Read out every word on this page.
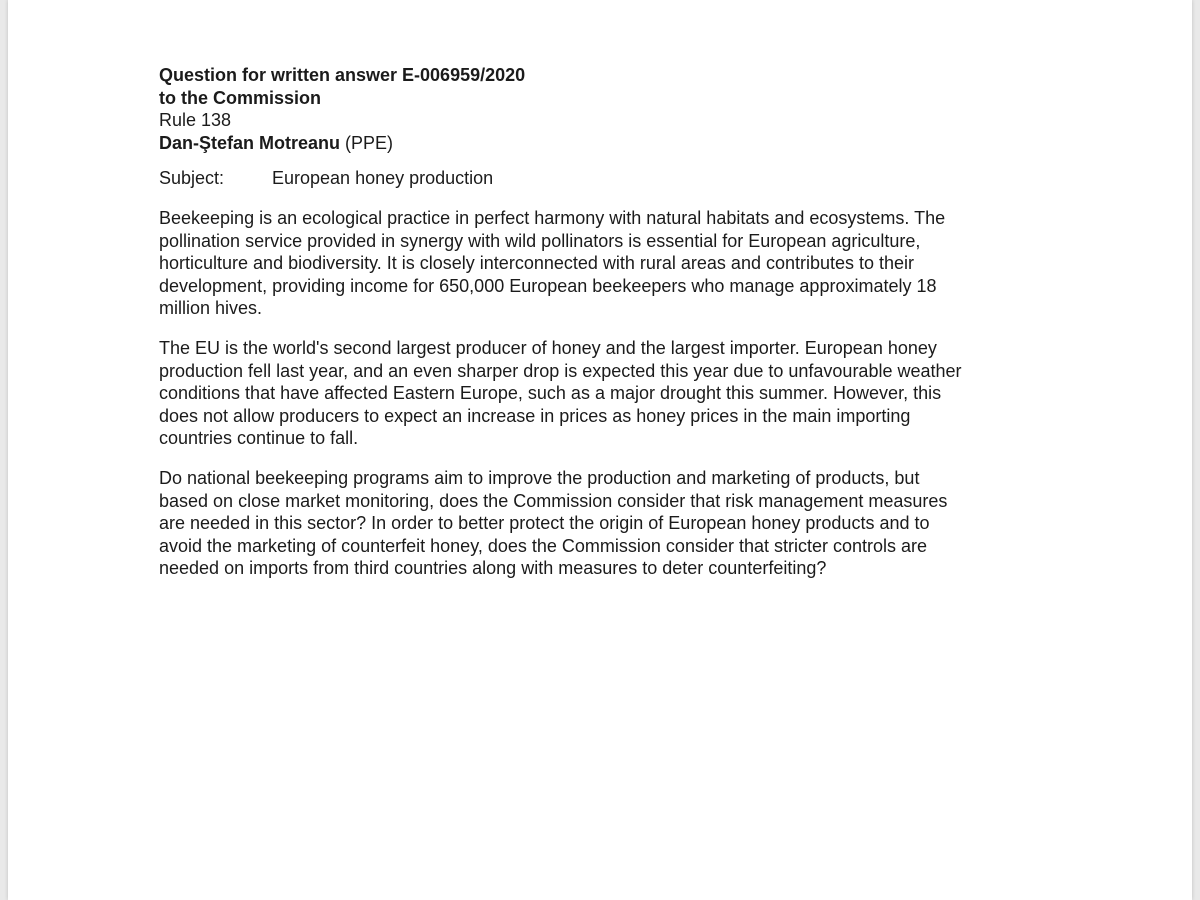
Question for written answer E-006959/2020
to the Commission
Rule 138
Dan-Ştefan Motreanu (PPE)
Subject:	European honey production
Beekeeping is an ecological practice in perfect harmony with natural habitats and ecosystems. The
pollination service provided in synergy with wild pollinators is essential for European agriculture,
horticulture and biodiversity. It is closely interconnected with rural areas and contributes to their
development, providing income for 650,000 European beekeepers who manage approximately 18
million hives.
The EU is the world's second largest producer of honey and the largest importer. European honey
production fell last year, and an even sharper drop is expected this year due to unfavourable weather
conditions that have affected Eastern Europe, such as a major drought this summer. However, this
does not allow producers to expect an increase in prices as honey prices in the main importing
countries continue to fall.
Do national beekeeping programs aim to improve the production and marketing of products, but
based on close market monitoring, does the Commission consider that risk management measures
are needed in this sector? In order to better protect the origin of European honey products and to
avoid the marketing of counterfeit honey, does the Commission consider that stricter controls are
needed on imports from third countries along with measures to deter counterfeiting?
